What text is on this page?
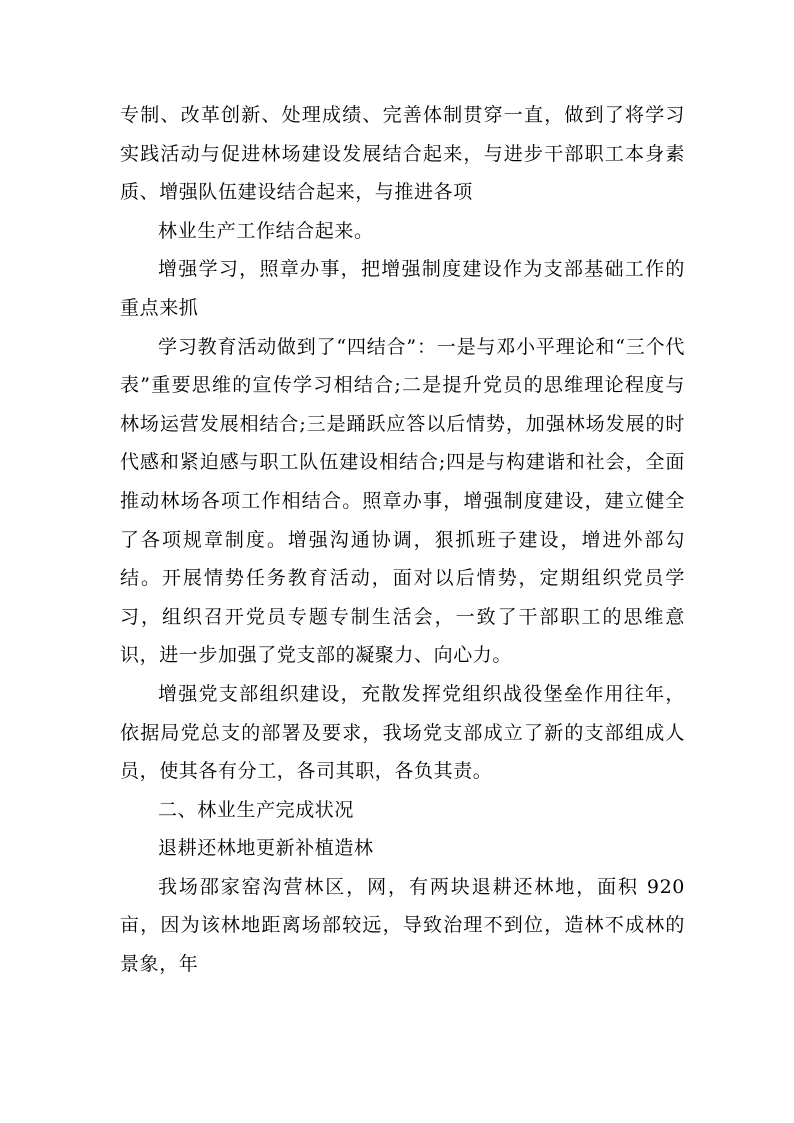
专制、改革创新、处理成绩、完善体制贯穿一直，做到了将学习实践活动与促进林场建设发展结合起来，与进步干部职工本身素质、增强队伍建设结合起来，与推进各项

林业生产工作结合起来。

增强学习，照章办事，把增强制度建设作为支部基础工作的重点来抓

学习教育活动做到了“四结合”：一是与邓小平理论和“三个代表”重要思维的宣传学习相结合;二是提升党员的思维理论程度与林场运营发展相结合;三是踊跃应答以后情势，加强林场发展的时代感和紧迫感与职工队伍建设相结合;四是与构建谐和社会，全面推动林场各项工作相结合。照章办事，增强制度建设，建立健全了各项规章制度。增强沟通协调，狠抓班子建设，增进外部勾结。开展情势任务教育活动，面对以后情势，定期组织党员学习，组织召开党员专题专制生活会，一致了干部职工的思维意识，进一步加强了党支部的凝聚力、向心力。

增强党支部组织建设，充散发挥党组织战役堡垒作用往年，依据局党总支的部署及要求，我场党支部成立了新的支部组成人员，使其各有分工，各司其职，各负其责。

二、林业生产完成状况

退耕还林地更新补植造林

我场邵家窑沟营林区，网，有两块退耕还林地，面积 920 亩，因为该林地距离场部较远，导致治理不到位，造林不成林的景象，年
